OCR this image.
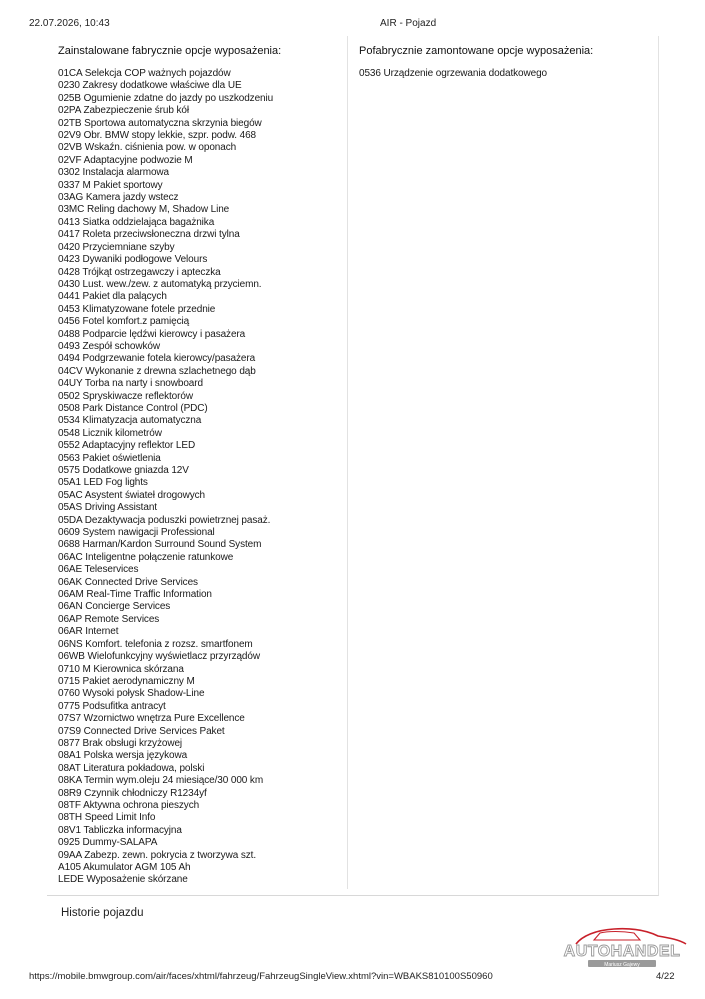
22.07.2026, 10:43	AIR - Pojazd
Zainstalowane fabrycznie opcje wyposażenia:
01CA Selekcja COP ważnych pojazdów
0230 Zakresy dodatkowe właściwe dla UE
025B Ogumienie zdatne do jazdy po uszkodzeniu
02PA Zabezpieczenie śrub kół
02TB Sportowa automatyczna skrzynia biegów
02V9 Obr. BMW stopy lekkie, szpr. podw. 468
02VB Wskaźn. ciśnienia pow. w oponach
02VF Adaptacyjne podwozie M
0302 Instalacja alarmowa
0337 M Pakiet sportowy
03AG Kamera jazdy wstecz
03MC Reling dachowy M, Shadow Line
0413 Siatka oddzielająca bagażnika
0417 Roleta przeciwsłoneczna drzwi tylna
0420 Przyciemniane szyby
0423 Dywaniki podłogowe Velours
0428 Trójkąt ostrzegawczy i apteczka
0430 Lust. wew./zew. z automatyką przyciemn.
0441 Pakiet dla palących
0453 Klimatyzowane fotele przednie
0456 Fotel komfort.z pamięcią
0488 Podparcie lędźwi kierowcy i pasażera
0493 Zespół schowków
0494 Podgrzewanie fotela kierowcy/pasażera
04CV Wykonanie z drewna szlachetnego dąb
04UY Torba na narty i snowboard
0502 Spryskiwacze reflektorów
0508 Park Distance Control (PDC)
0534 Klimatyzacja automatyczna
0548 Licznik kilometrów
0552 Adaptacyjny reflektor LED
0563 Pakiet oświetlenia
0575 Dodatkowe gniazda 12V
05A1 LED Fog lights
05AC Asystent świateł drogowych
05AS Driving Assistant
05DA Dezaktywacja poduszki powietrznej pasaż.
0609 System nawigacji Professional
0688 Harman/Kardon Surround Sound System
06AC Inteligentne połączenie ratunkowe
06AE Teleservices
06AK Connected Drive Services
06AM Real-Time Traffic Information
06AN Concierge Services
06AP Remote Services
06AR Internet
06NS Komfort. telefonia z rozsz. smartfonem
06WB Wielofunkcyjny wyświetlacz przyrządów
0710 M Kierownica skórzana
0715 Pakiet aerodynamiczny M
0760 Wysoki połysk Shadow-Line
0775 Podsufitka antracyt
07S7 Wzornictwo wnętrza Pure Excellence
07S9 Connected Drive Services Paket
0877 Brak obsługi krzyżowej
08A1 Polska wersja językowa
08AT Literatura pokładowa, polski
08KA Termin wym.oleju 24 miesiące/30 000 km
08R9 Czynnik chłodniczy R1234yf
08TF Aktywna ochrona pieszych
08TH Speed Limit Info
08V1 Tabliczka informacyjna
0925 Dummy-SALAPA
09AA Zabezp. zewn. pokrycia z tworzywa szt.
A105 Akumulator AGM 105 Ah
LEDE Wyposażenie skórzane
Pofabrycznie zamontowane opcje wyposażenia:
0536 Urządzenie ogrzewania dodatkowego
Historie pojazdu
AUTOHANDEL
Mariusz Gajewy
https://mobile.bmwgroup.com/air/faces/xhtml/fahrzeug/FahrzeugSingleView.xhtml?vin=WBAKS810100S50960	4/22
